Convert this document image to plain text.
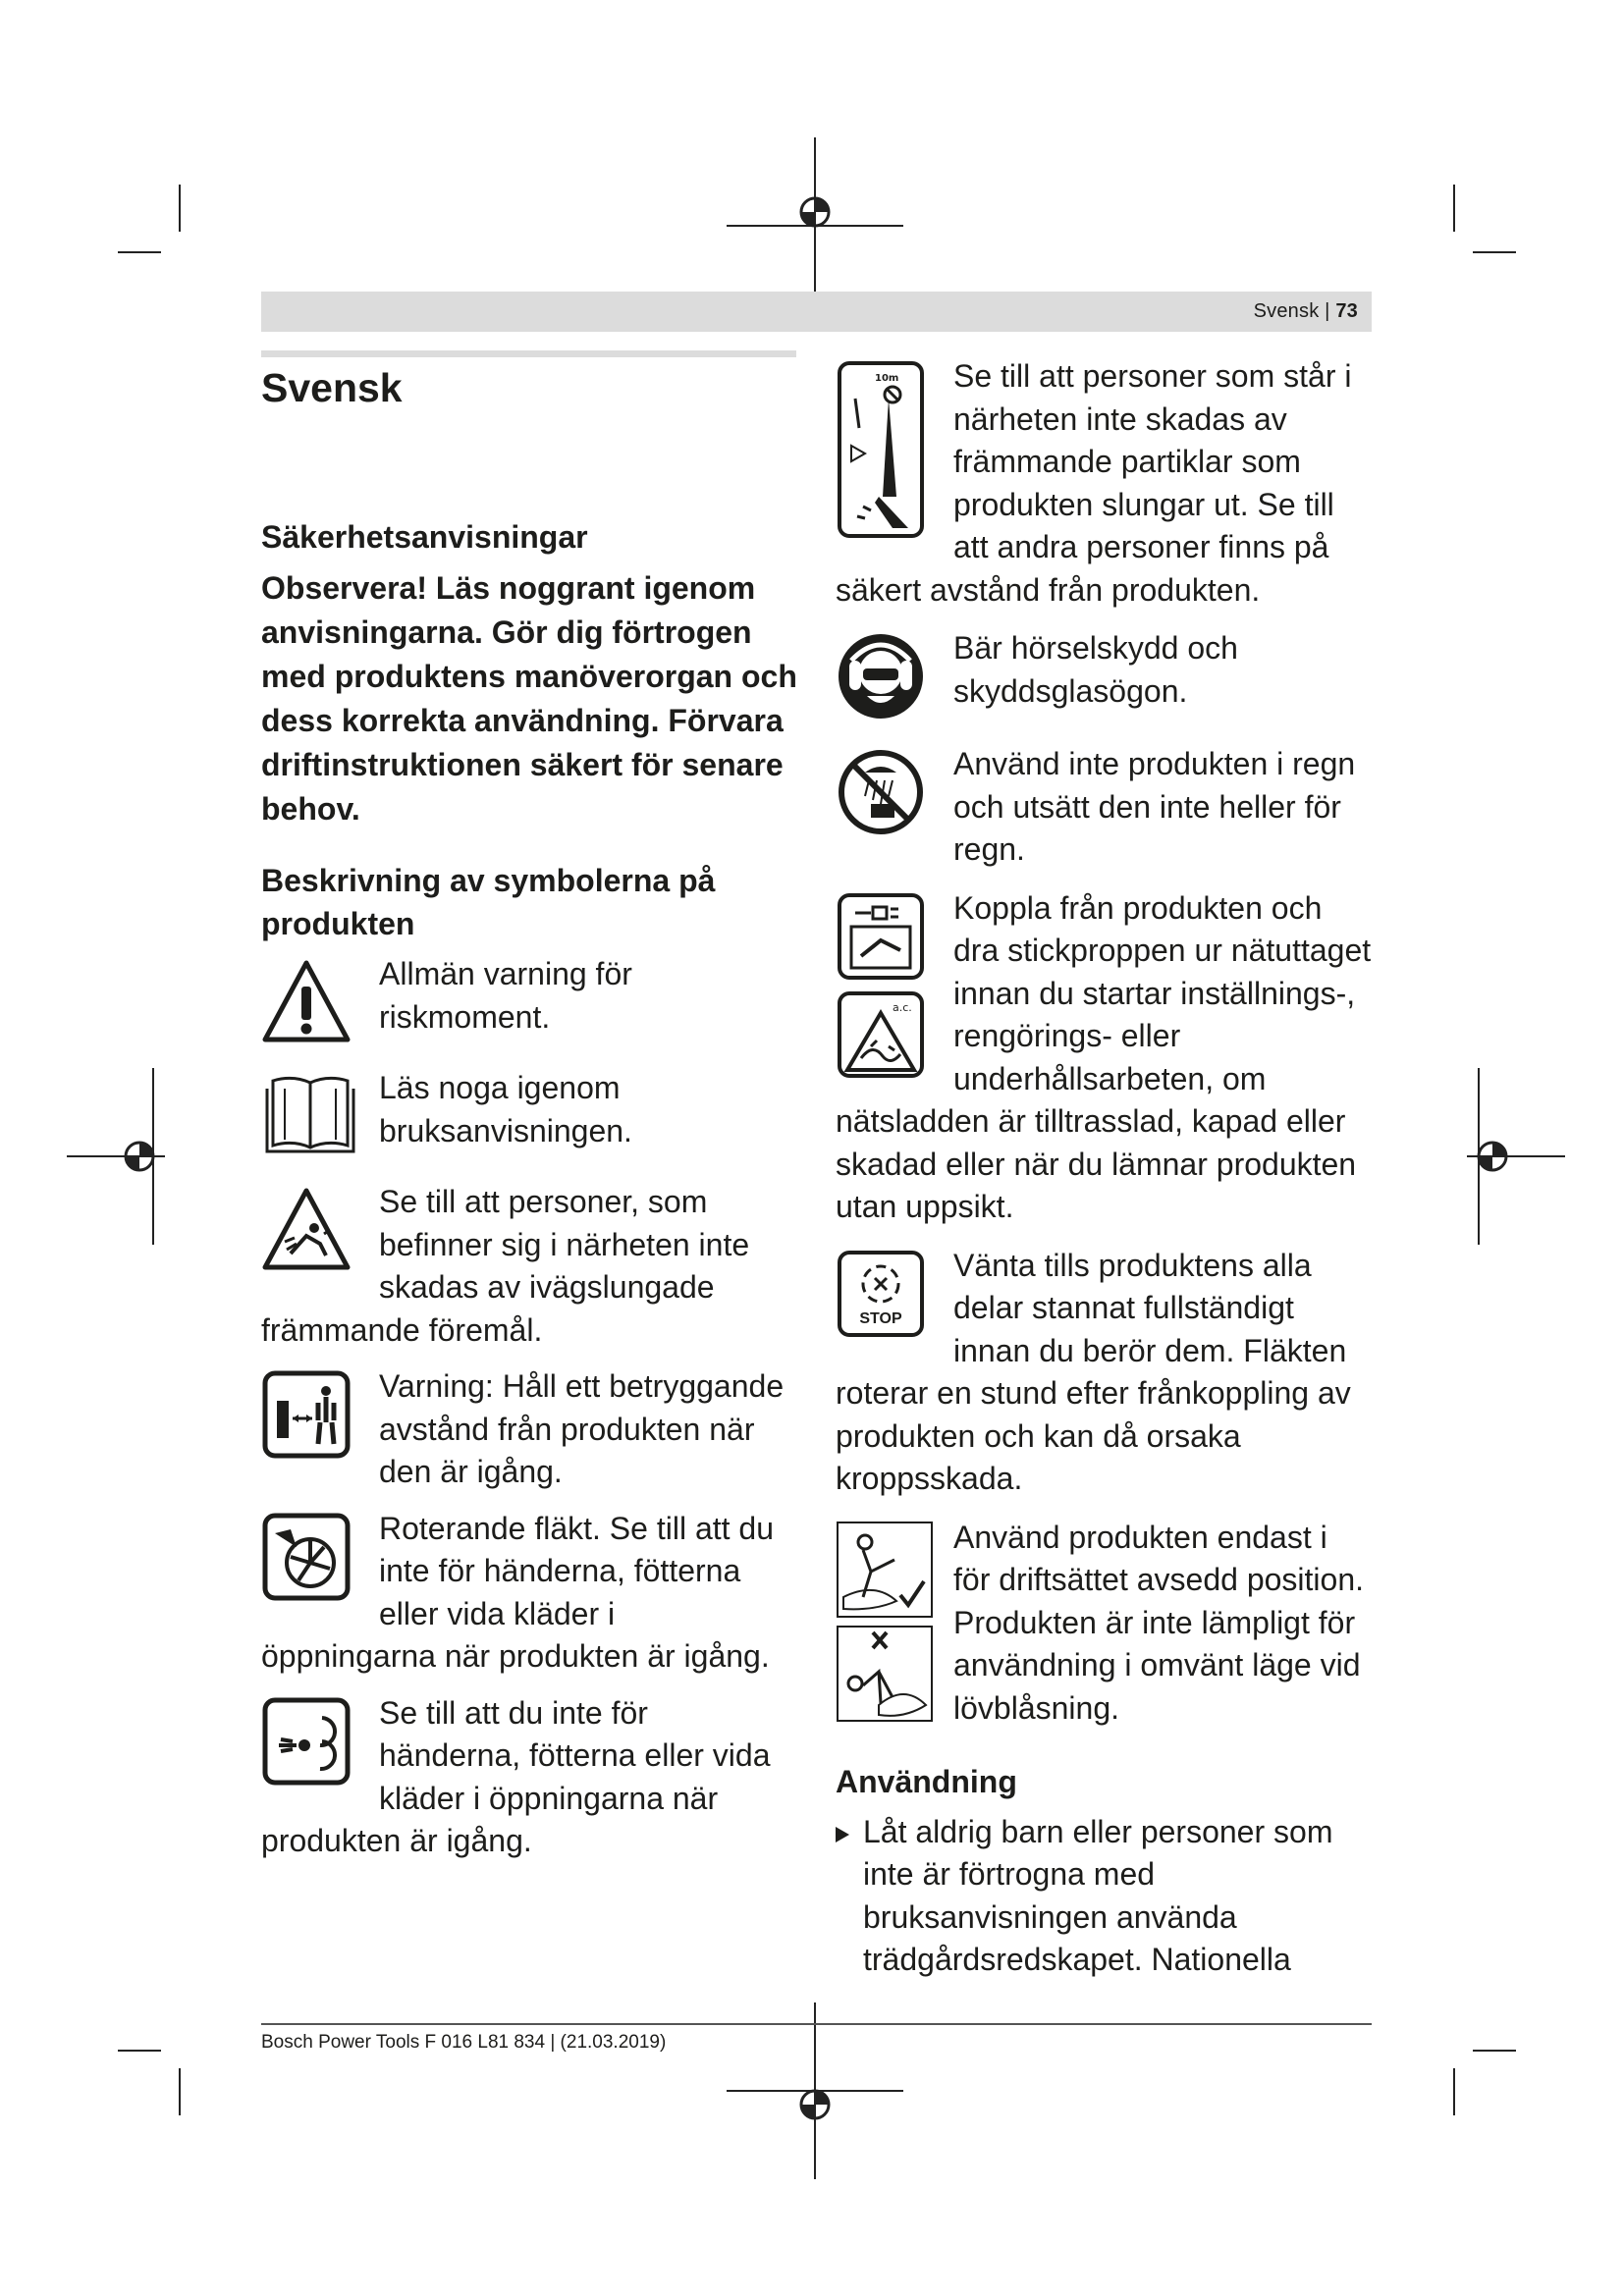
Svensk | 73
Svensk

Säkerhetsanvisningar

Observera! Läs noggrant igenom anvisningarna. Gör dig förtrogen med produktens manöverorgan och dess korrekta användning. Förvara driftinstruktionen säkert för senare behov.

Beskrivning av symbolerna på produkten

Allmän varning för riskmoment.

Läs noga igenom bruksanvisningen.

Se till att personer, som befinner sig i närheten inte skadas av ivägslungade främmande föremål.

Varning: Håll ett betryggande avstånd från produkten när den är igång.

Roterande fläkt. Se till att du inte för händerna, fötterna eller vida kläder i öppningarna när produkten är igång.

Se till att du inte för händerna, fötterna eller vida kläder i öppningarna när produkten är igång.

10m	Se till att personer som står i närheten inte skadas av främmande partiklar som produkten slungar ut. Se till att andra personer finns på säkert avstånd från produkten.

Bär hörselskydd och skyddsglasögon.

Använd inte produkten i regn och utsätt den inte heller för regn.

a.c.

Koppla från produkten och dra stickproppen ur nätuttaget innan du startar inställnings-, rengörings- eller underhållsarbeten, om nätsladden är tilltrasslad, kapad eller skadad eller när du lämnar produkten utan uppsikt.

STOP

Vänta tills produktens alla delar stannat fullständigt innan du berör dem. Fläkten roterar en stund efter frånkoppling av produkten och kan då orsaka kroppsskada.

Använd produkten endast i för driftsättet avsedd position. Produkten är inte lämpligt för användning i omvänt läge vid lövblåsning.

Användning

Låt aldrig barn eller personer som inte är förtrogna med bruksanvisningen använda trädgårdsredskapet. Nationella
Bosch Power Tools F 016 L81 834 | (21.03.2019)
